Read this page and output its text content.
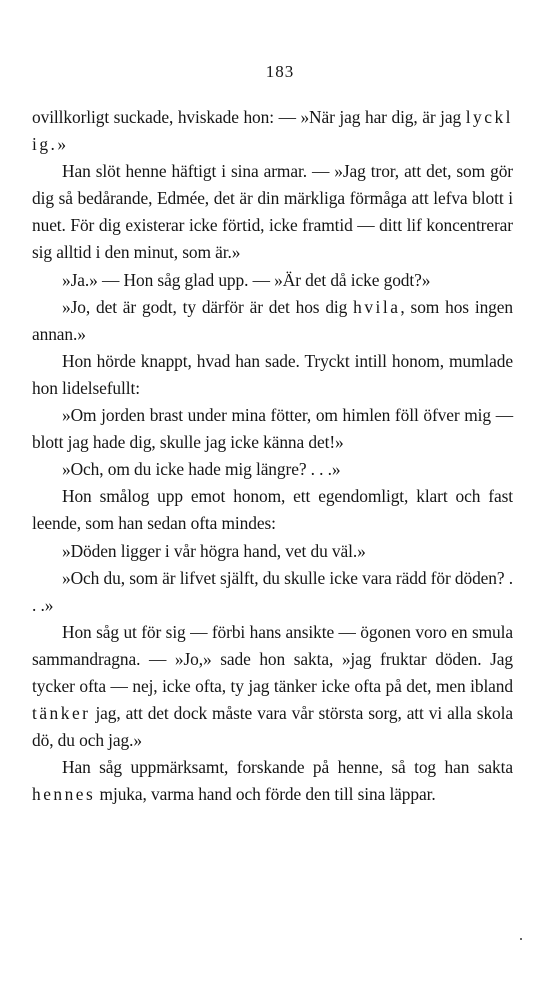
183

ovillkorligt suckade, hviskade hon: — »När jag har dig, är jag lyckl ig.»

Han slöt henne häftigt i sina armar. — »Jag tror, att det, som gör dig så bedårande, Edmée, det är din märkliga förmåga att lefva blott i nuet. För dig existerar icke förtid, icke framtid — ditt lif koncentrerar sig alltid i den minut, som är.»

»Ja.» — Hon såg glad upp. — »Är det då icke godt?»

»Jo, det är godt, ty därför är det hos dig hvila, som hos ingen annan.»

Hon hörde knappt, hvad han sade. Tryckt intill honom, mumlade hon lidelsefullt:

»Om jorden brast under mina fötter, om himlen föll öfver mig — blott jag hade dig, skulle jag icke känna det!»

»Och, om du icke hade mig längre? . . .»

Hon smålog upp emot honom, ett egendomligt, klart och fast leende, som han sedan ofta mindes:

»Döden ligger i vår högra hand, vet du väl.»

»Och du, som är lifvet själft, du skulle icke vara rädd för döden? . . .»

Hon såg ut för sig — förbi hans ansikte — ögonen voro en smula sammandragna. — »Jo,» sade hon sakta, »jag fruktar döden. Jag tycker ofta — nej, icke ofta, ty jag tänker icke ofta på det, men ibland tänker jag, att det dock måste vara vår största sorg, att vi alla skola dö, du och jag.»

Han såg uppmärksamt, forskande på henne, så tog han sakta hennes mjuka, varma hand och förde den till sina läppar.
